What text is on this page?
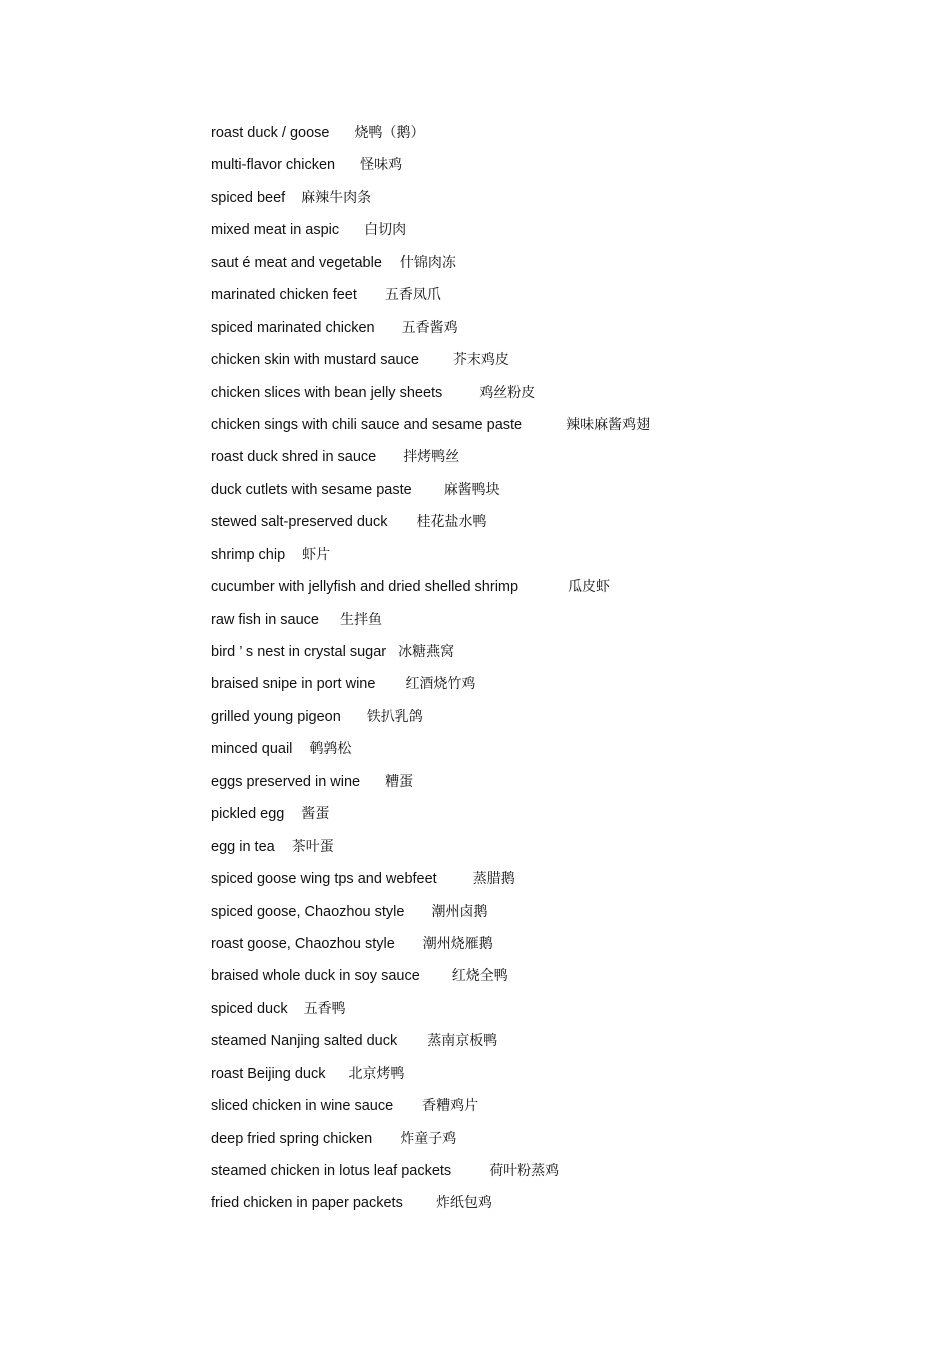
roast duck / goose 烧鸭（鹅）
multi-flavor chicken 怪味鸡
spiced beef 麻辣牛肉条
mixed meat in aspic 白切肉
saut é meat and vegetable 什锦肉冻
marinated chicken feet 五香凤爪
spiced marinated chicken 五香酱鸡
chicken skin with mustard sauce 芥末鸡皮
chicken slices with bean jelly sheets	鸡丝粉皮
chicken sings with chili sauce and sesame paste	辣味麻酱鸡翅
roast duck shred in sauce 拌烤鸭丝
duck cutlets with sesame paste 麻酱鸭块
stewed salt-preserved duck 桂花盐水鸭
shrimp chip 虾片
cucumber with jellyfish and dried shelled shrimp	瓜皮虾
raw fish in sauce 生拌鱼
bird ’ s nest in crystal sugar 冰糖燕窝
braised snipe in port wine 红酒烧竹鸡
grilled young pigeon 铁扒乳鸽
minced quail 鹌鹑松
eggs preserved in wine 糟蛋
pickled egg 酱蛋
egg in tea 茶叶蛋
spiced goose wing tps and webfeet	蒸腊鹅
spiced goose, Chaozhou style 潮州卤鹅
roast goose, Chaozhou style 潮州烧雁鹅
braised whole duck in soy sauce 红烧全鸭
spiced duck 五香鸭
steamed Nanjing salted duck 蒸南京板鸭
roast Beijing duck 北京烤鸭
sliced chicken in wine sauce 香糟鸡片
deep fried spring chicken 炸童子鸡
steamed chicken in lotus leaf packets	荷叶粉蒸鸡
fried chicken in paper packets 炸纸包鸡
